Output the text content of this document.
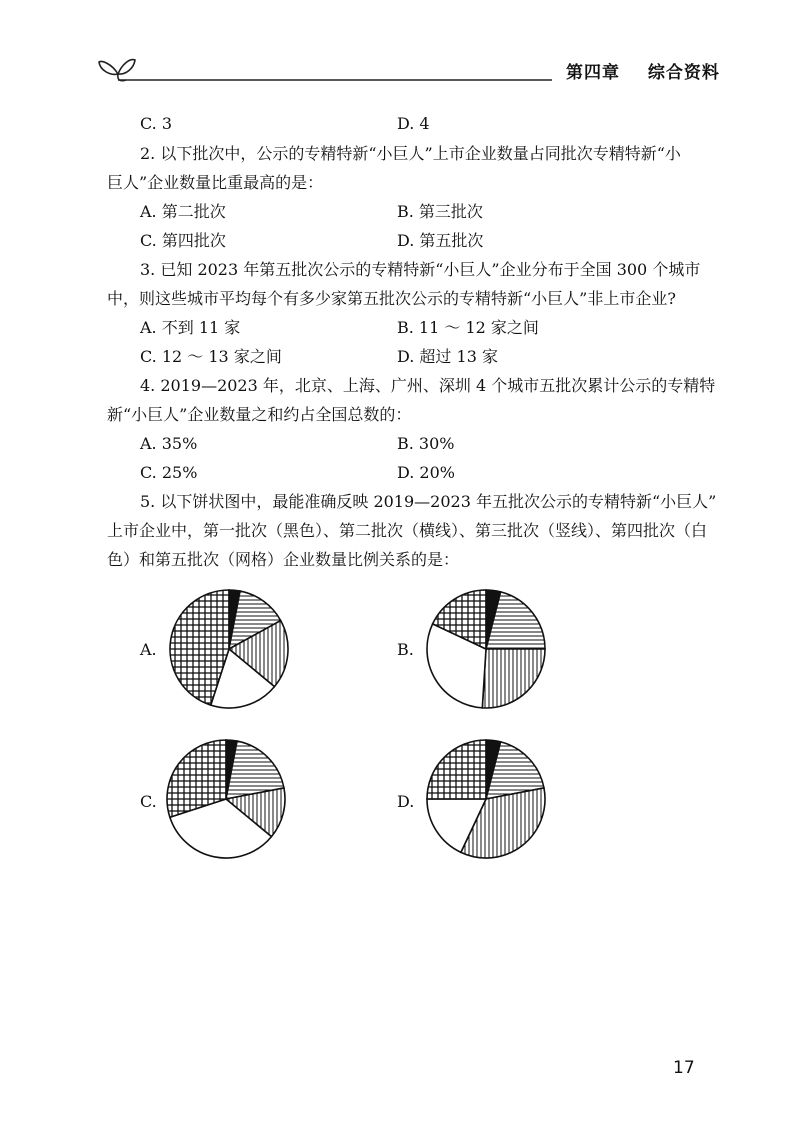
第四章 综合资料
C. 3	D. 4
2. 以下批次中，公示的专精特新“小巨人”上市企业数量占同批次专精特新“小
巨人”企业数量比重最高的是：
A. 第二批次	B. 第三批次
C. 第四批次	D. 第五批次
3. 已知 2023 年第五批次公示的专精特新“小巨人”企业分布于全国 300 个城市
中，则这些城市平均每个有多少家第五批次公示的专精特新“小巨人”非上市企业?
A. 不到 11 家	B. 11 ～ 12 家之间
C. 12 ～ 13 家之间	D. 超过 13 家
4. 2019—2023 年，北京、上海、广州、深圳 4 个城市五批次累计公示的专精特
新“小巨人”企业数量之和约占全国总数的：
A. 35%	B. 30%
C. 25%	D. 20%
5. 以下饼状图中，最能准确反映 2019—2023 年五批次公示的专精特新“小巨人”
上市企业中，第一批次（黑色）、第二批次（横线）、第三批次（竖线）、第四批次（白
色）和第五批次（网格）企业数量比例关系的是：
A.	B.
C.	D.
17
